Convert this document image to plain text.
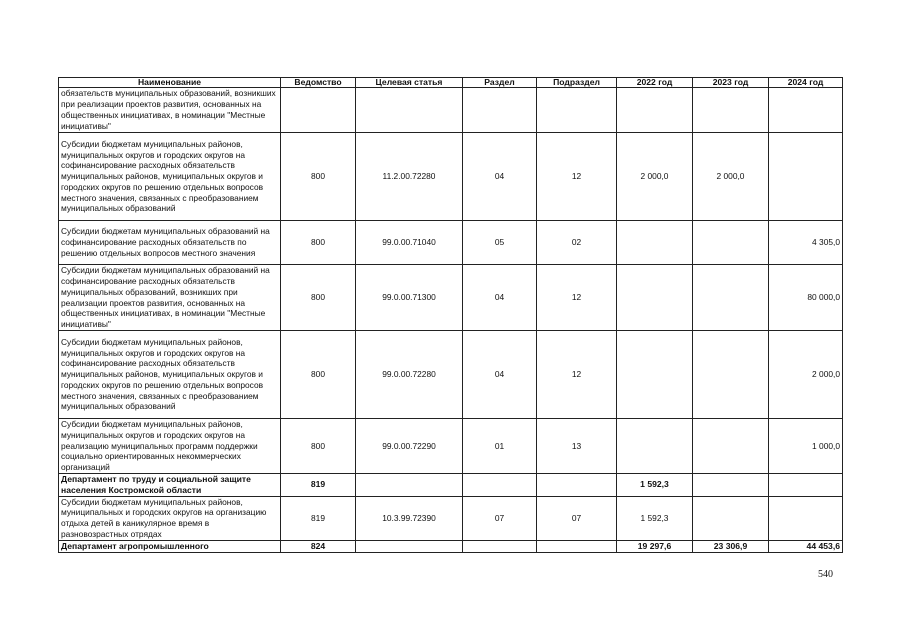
Наименование	Ведомство	Целевая статья	Раздел	Подраздел	2022 год	2023 год	2024 год
обязательств муниципальных образований, возникших при реализации проектов развития, основанных на общественных инициативах, в номинации "Местные инициативы"							
Субсидии бюджетам муниципальных районов, муниципальных округов и городских округов на софинансирование расходных обязательств муниципальных районов, муниципальных округов и городских округов по решению отдельных вопросов местного значения, связанных с преобразованием муниципальных образований	800	11.2.00.72280	04	12	2 000,0	2 000,0	
Субсидии бюджетам муниципальных образований на софинансирование расходных обязательств по решению отдельных вопросов местного значения	800	99.0.00.71040	05	02			4 305,0
Субсидии бюджетам муниципальных образований на софинансирование расходных обязательств муниципальных образований, возникших при реализации проектов развития, основанных на общественных инициативах, в номинации "Местные инициативы"	800	99.0.00.71300	04	12			80 000,0
Субсидии бюджетам муниципальных районов, муниципальных округов и городских округов на софинансирование расходных обязательств муниципальных районов, муниципальных округов и городских округов по решению отдельных вопросов местного значения, связанных с преобразованием муниципальных образований	800	99.0.00.72280	04	12			2 000,0
Субсидии бюджетам муниципальных районов, муниципальных округов и городских округов на реализацию муниципальных программ поддержки социально ориентированных некоммерческих организаций	800	99.0.00.72290	01	13			1 000,0
Департамент по труду и социальной защите населения Костромской области	819				1 592,3		
Субсидии бюджетам муниципальных районов, муниципальных и городских округов на организацию отдыха детей в каникулярное время в разновозрастных отрядах	819	10.3.99.72390	07	07	1 592,3		
Департамент агропромышленного	824				19 297,6	23 306,9	44 453,6
540
